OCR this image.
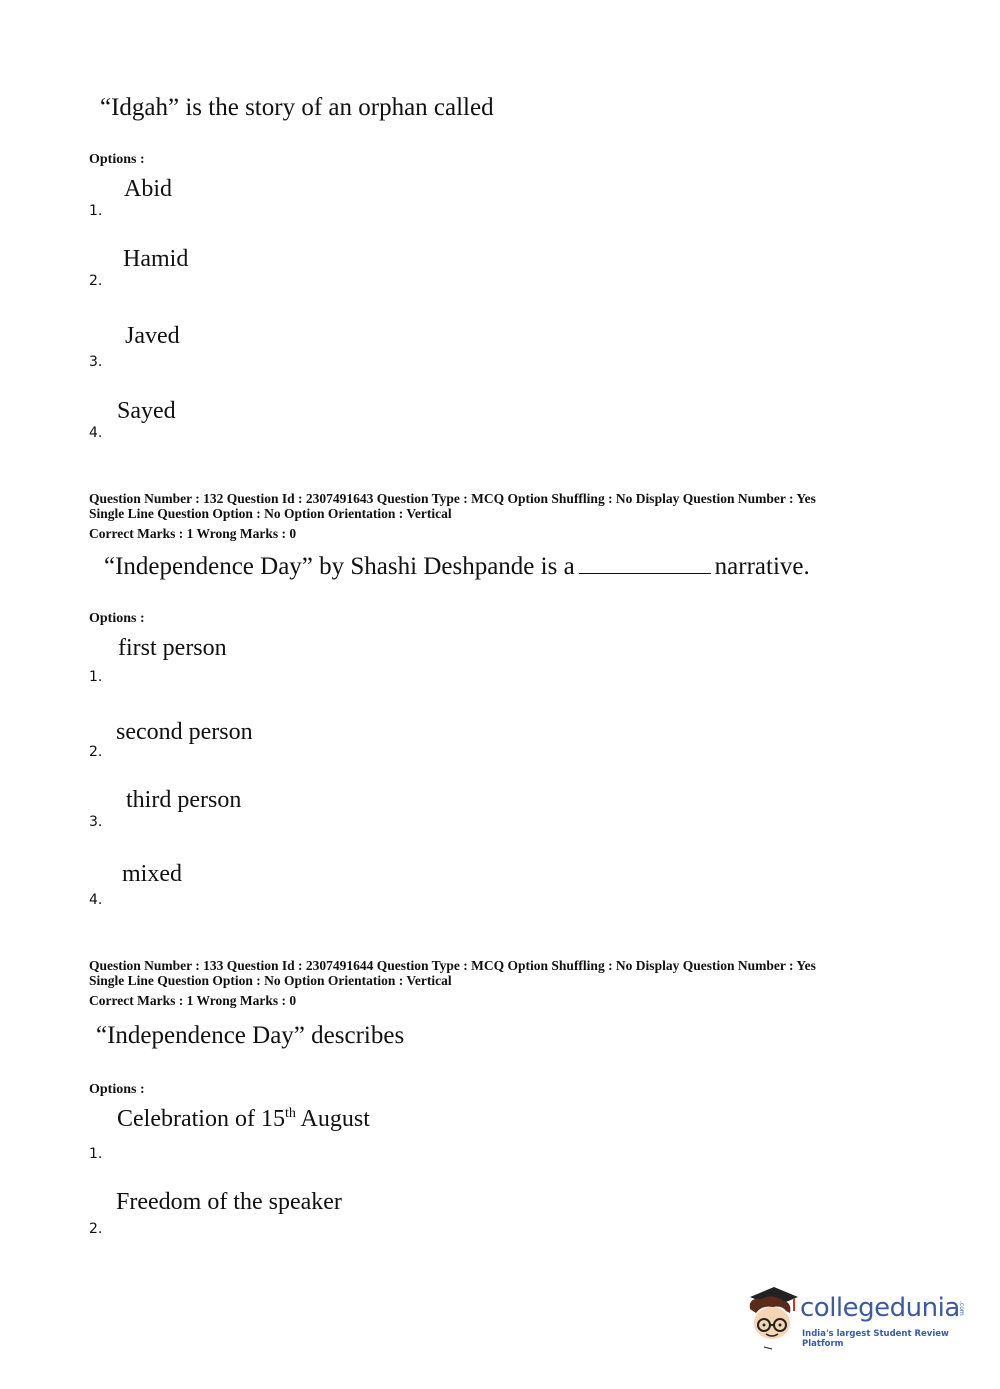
“Idgah” is the story of an orphan called
Options :
Abid
1.
Hamid
2.
Javed
3.
Sayed
4.
Question Number : 132 Question Id : 2307491643 Question Type : MCQ Option Shuffling : No Display Question Number : Yes
Single Line Question Option : No Option Orientation : Vertical
Correct Marks : 1 Wrong Marks : 0
“Independence Day” by Shashi Deshpande is a	narrative.
Options :
first person
1.
second person
2.
third person
3.
mixed
4.
Question Number : 133 Question Id : 2307491644 Question Type : MCQ Option Shuffling : No Display Question Number : Yes
Single Line Question Option : No Option Orientation : Vertical
Correct Marks : 1 Wrong Marks : 0
“Independence Day” describes
Options :
Celebration of 15th August
1.
Freedom of the speaker
2.
collegedunia
.com
India's largest Student Review Platform
